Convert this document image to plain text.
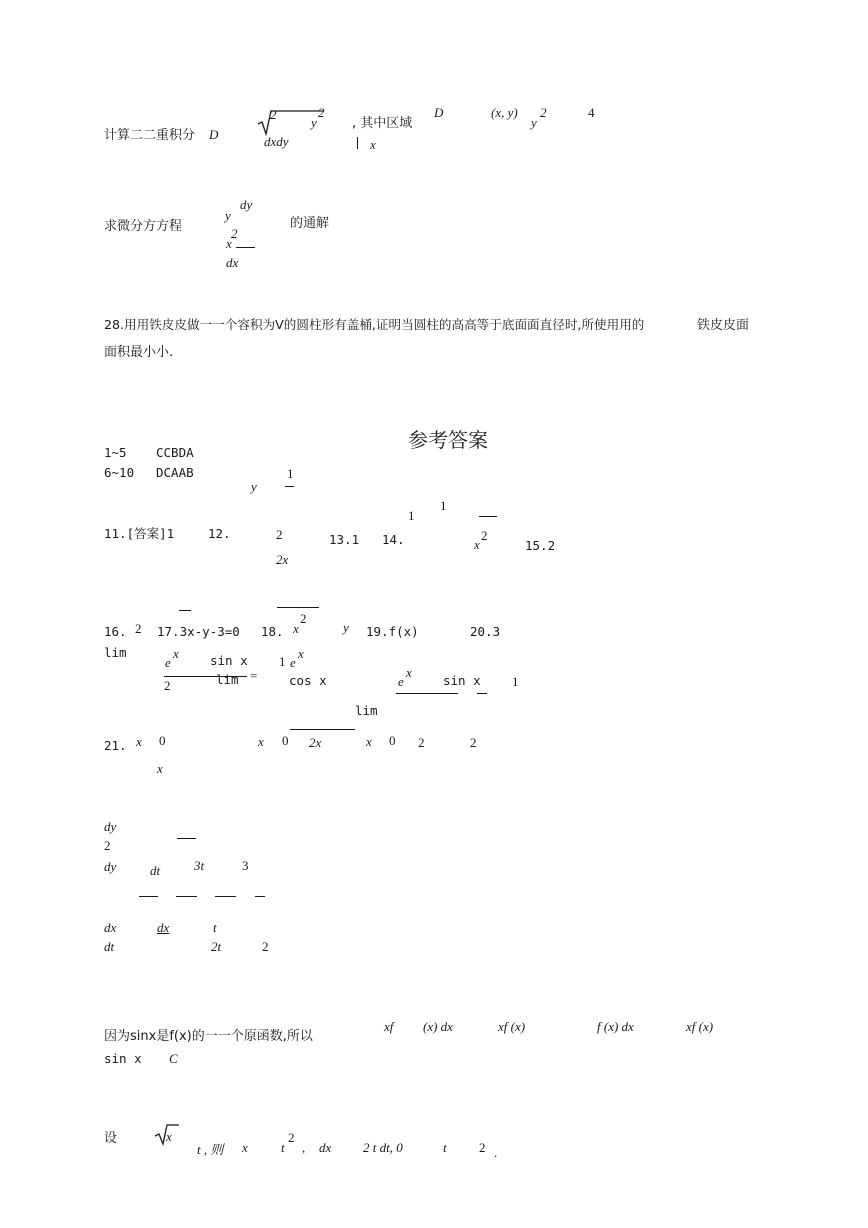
计算二二重积分 D
2
y
2
dxdy
, 其中区域
D	(x, y)
y
2	4
x
求微分方方程
dy
y
2
x
dx
的通解
28.用用铁皮皮做一一个容积为V的圆柱形有盖桶,证明当圆柱的高高等于底面面直径时,所使用用的	铁皮皮面
面积最小小.
参考答案
1~5 CCBDA
6~10 DCAAB
y
1
1
1
11.[答案]1	12.	2
2x
13.1 14.	x
2
15.2
16. 2 17.3x-y-3=0 18. x
2
y 19.f(x)	20.3
lim
e
x sin x 1 e
x
2	lim =	cos x	e
x
sin x 1
lim
21. x 0	x 0 2x	x 0 2	2
x
dy
2
dy	dt	3t	3
dx	dx	t
dt	2t	2
xf (x) dx	xf (x)	f (x) dx	xf (x)
因为sinx是f(x)的一一个原函数,所以
sin x C
设	x
t , 则 x	t
2
, dx 2 t dt, 0	t 2 .
